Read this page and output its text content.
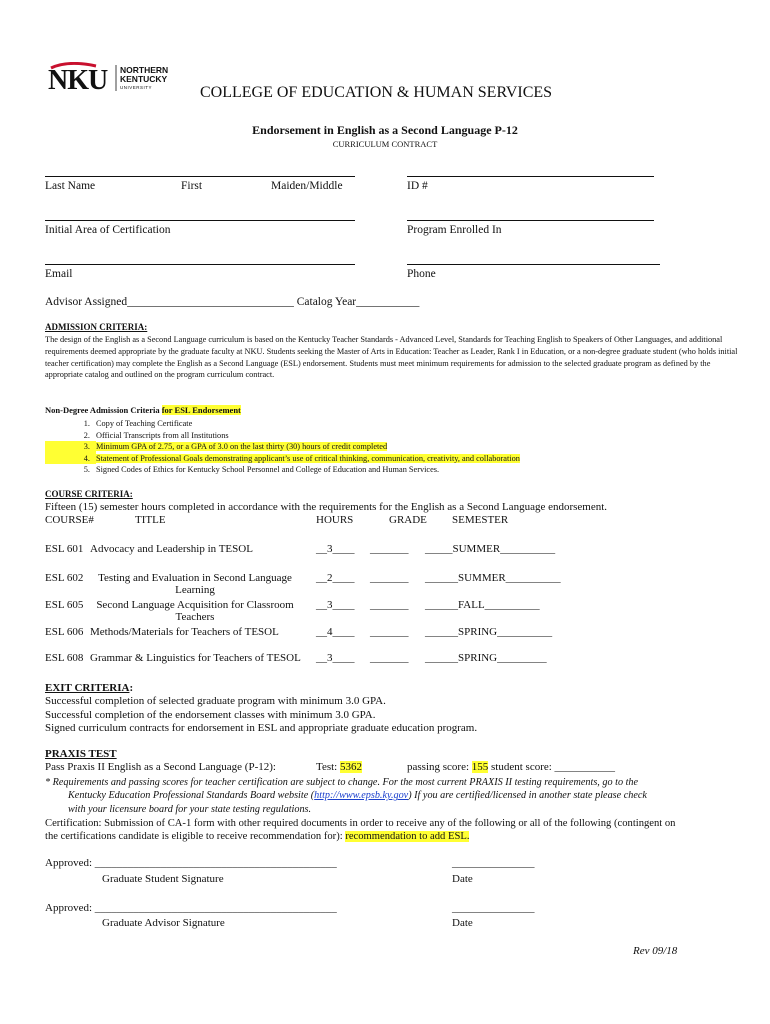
NKU NORTHERN
KENTUCKY
UNIVERSITY	COLLEGE OF EDUCATION & HUMAN SERVICES
Endorsement in English as a Second Language P-12
CURRICULUM CONTRACT
Last Name	First	Maiden/Middle	ID #
Initial Area of Certification	Program Enrolled In
Email	Phone
Advisor Assigned_____________________________ Catalog Year___________
ADMISSION CRITERIA:
The design of the English as a Second Language curriculum is based on the Kentucky Teacher Standards - Advanced Level, Standards for Teaching English to Speakers of Other Languages, and additional requirements deemed appropriate by the graduate faculty at NKU. Students seeking the Master of Arts in Education: Teacher as Leader, Rank I in Education, or a non-degree graduate student (who holds initial teacher certification) may complete the English as a Second Language (ESL) endorsement. Students must meet minimum requirements for admission to the selected graduate program as defined by the appropriate catalog and outlined on the program curriculum contract.
Non-Degree Admission Criteria for ESL Endorsement
1. Copy of Teaching Certificate
2. Official Transcripts from all Institutions
3. Minimum GPA of 2.75, or a GPA of 3.0 on the last thirty (30) hours of credit completed
4. Statement of Professional Goals demonstrating applicant’s use of critical thinking, communication, creativity, and collaboration
5. Signed Codes of Ethics for Kentucky School Personnel and College of Education and Human Services.
COURSE CRITERIA:
Fifteen (15) semester hours completed in accordance with the requirements for the English as a Second Language endorsement.
COURSE#	TITLE	HOURS	GRADE SEMESTER
ESL 601 Advocacy and Leadership in TESOL	__3____ _______ _____SUMMER__________
ESL 602	Testing and Evaluation in Second Language
Learning
__2____ _______ ______SUMMER__________
ESL 605	Second Language Acquisition for Classroom
Teachers
__3____ _______ ______FALL__________
ESL 606 Methods/Materials for Teachers of TESOL	__4____ _______ ______SPRING__________
ESL 608 Grammar & Linguistics for Teachers of TESOL __3____ _______ ______SPRING_________
EXIT CRITERIA:
Successful completion of selected graduate program with minimum 3.0 GPA.
Successful completion of the endorsement classes with minimum 3.0 GPA.
Signed curriculum contracts for endorsement in ESL and appropriate graduate education program.
PRAXIS TEST
Pass Praxis II English as a Second Language (P-12):	Test: 5362	passing score: 155 student score: ___________
* Requirements and passing scores for teacher certification are subject to change. For the most current PRAXIS II testing requirements, go to the
Kentucky Education Professional Standards Board website (http://www.epsb.ky.gov) If you are certified/licensed in another state please check
with your licensure board for your state testing regulations.
Certification: Submission of CA-1 form with other required documents in order to receive any of the following or all of the following (contingent on
the certifications candidate is eligible to receive recommendation for): recommendation to add ESL.
Approved: ____________________________________________	_______________
Graduate Student Signature	Date
Approved: ____________________________________________	_______________
Graduate Advisor Signature	Date
Rev 09/18
